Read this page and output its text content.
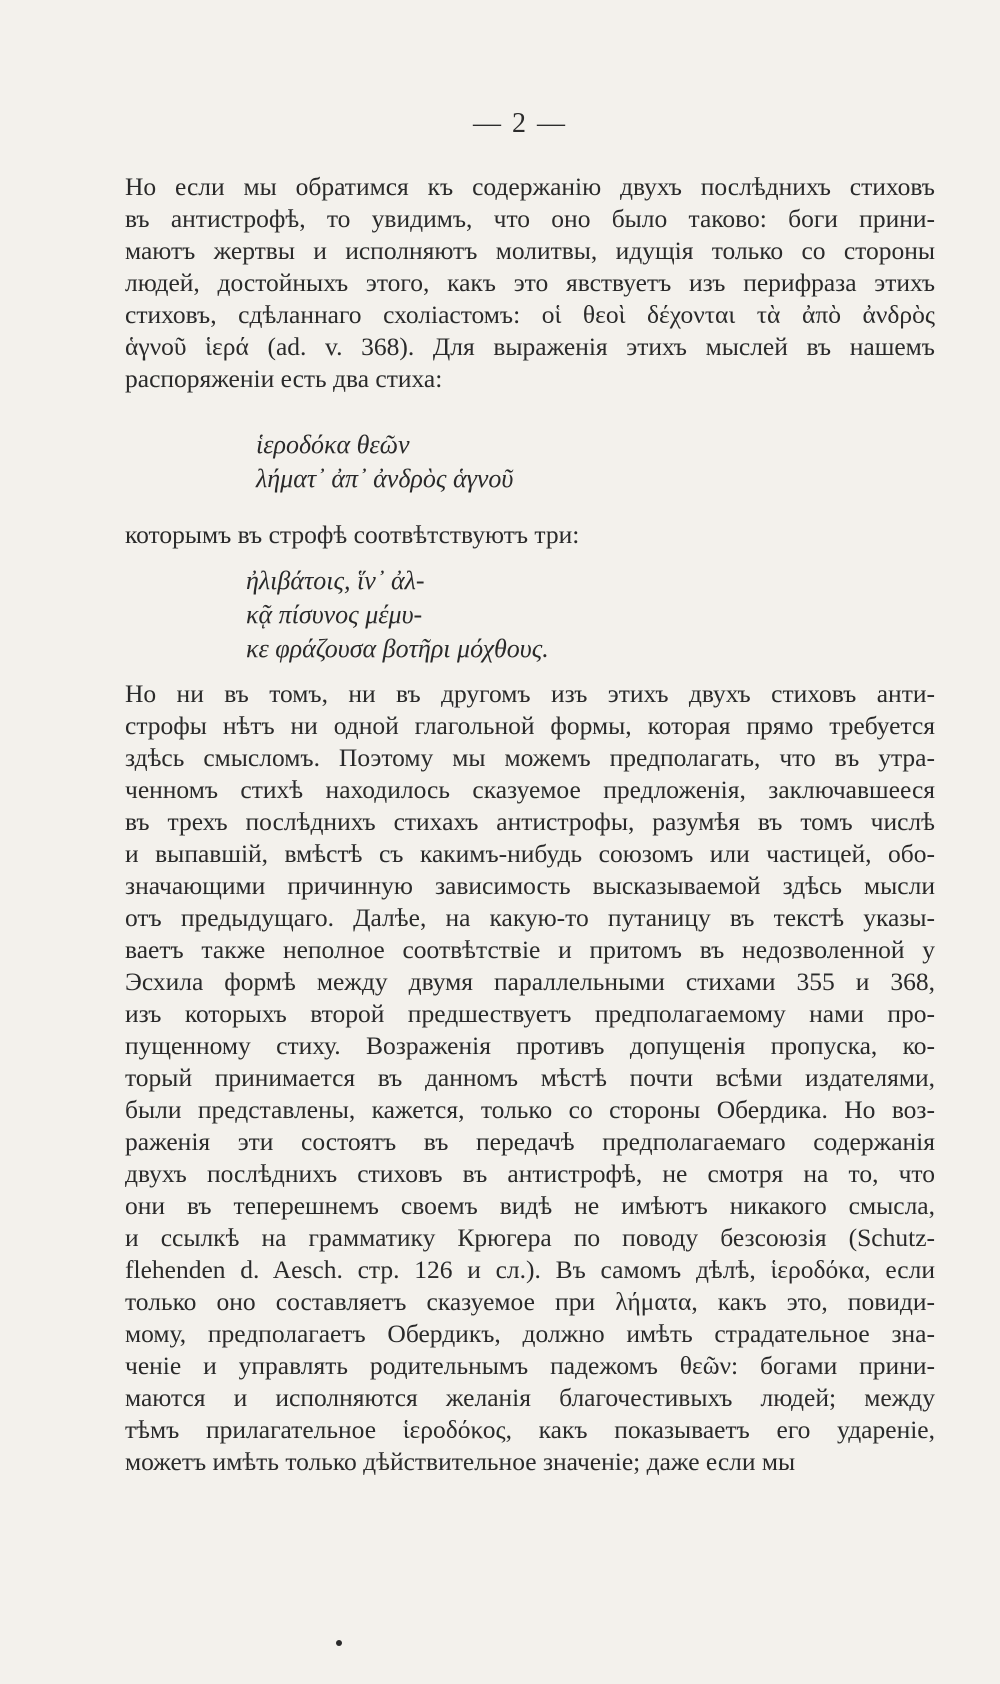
— 2 —
Но если мы обратимся къ содержанію двухъ послѣднихъ стиховъ
въ антистрофѣ, то увидимъ, что оно было таково: боги прини-
маютъ жертвы и исполняютъ молитвы, идущія только со стороны
людей, достойныхъ этого, какъ это явствуетъ изъ перифраза этихъ
стиховъ, сдѣланнаго схоліастомъ: οἱ θεοὶ δέχονται τὰ ἀπὸ ἀνδρὸς
ἁγνοῦ ἱερά (ad. v. 368). Для выраженія этихъ мыслей въ нашемъ
распоряженіи есть два стиха:
ἱεροδόκα θεῶν
λήματ᾽ ἀπ᾽ ἀνδρὸς ἁγνοῦ
которымъ въ строфѣ соотвѣтствуютъ три:
ἠλιβάτοις, ἵν᾽ ἀλ-
κᾷ πίσυνος μέμυ-
κε φράζουσα βοτῆρι μόχθους.
Но ни въ томъ, ни въ другомъ изъ этихъ двухъ стиховъ анти-
строфы нѣтъ ни одной глагольной формы, которая прямо требуется
здѣсь смысломъ. Поэтому мы можемъ предполагать, что въ утра-
ченномъ стихѣ находилось сказуемое предложенія, заключавшееся
въ трехъ послѣднихъ стихахъ антистрофы, разумѣя въ томъ числѣ
и выпавшій, вмѣстѣ съ какимъ-нибудь союзомъ или частицей, обо-
значающими причинную зависимость высказываемой здѣсь мысли
отъ предыдущаго. Далѣе, на какую-то путаницу въ текстѣ указы-
ваетъ также неполное соотвѣтствіе и притомъ въ недозволенной у
Эсхила формѣ между двумя параллельными стихами 355 и 368,
изъ которыхъ второй предшествуетъ предполагаемому нами про-
пущенному стиху. Возраженія противъ допущенія пропуска, ко-
торый принимается въ данномъ мѣстѣ почти всѣми издателями,
были представлены, кажется, только со стороны Обердика. Но воз-
раженія эти состоятъ въ передачѣ предполагаемаго содержанія
двухъ послѣднихъ стиховъ въ антистрофѣ, не смотря на то, что
они въ теперешнемъ своемъ видѣ не имѣютъ никакого смысла,
и ссылкѣ на грамматику Крюгера по поводу безсоюзія (Schutz-
flehenden d. Aesch. стр. 126 и сл.). Въ самомъ дѣлѣ, ἱεροδόκα, если
только оно составляетъ сказуемое при λήματα, какъ это, повиди-
мому, предполагаетъ Обердикъ, должно имѣть страдательное зна-
ченіе и управлять родительнымъ падежомъ θεῶν: богами прини-
маются и исполняются желанія благочестивыхъ людей; между
тѣмъ прилагательное ἱεροδόκος, какъ показываетъ его удареніе,
можетъ имѣть только дѣйствительное значеніе; даже если мы
